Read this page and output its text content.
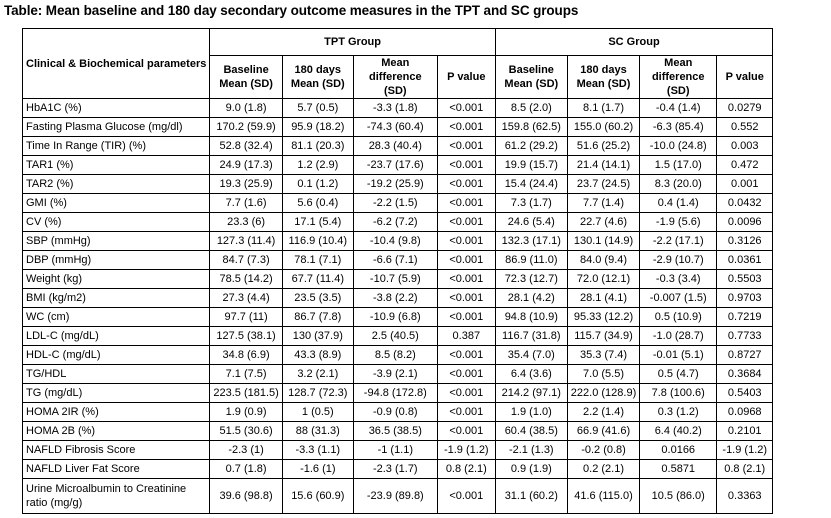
Table: Mean baseline and 180 day secondary outcome measures in the TPT and SC groups
Clinical & Biochemical parameters	TPT Group				SC Group			
	Baseline Mean (SD)	180 days Mean (SD)	Mean difference (SD)	P value	Baseline Mean (SD)	180 days Mean (SD)	Mean difference (SD)	P value
HbA1C (%)	9.0 (1.8)	5.7 (0.5)	-3.3 (1.8)	<0.001	8.5 (2.0)	8.1 (1.7)	-0.4 (1.4)	0.0279
Fasting Plasma Glucose (mg/dl)	170.2 (59.9)	95.9 (18.2)	-74.3 (60.4)	<0.001	159.8 (62.5)	155.0 (60.2)	-6.3 (85.4)	0.552
Time In Range (TIR) (%)	52.8 (32.4)	81.1 (20.3)	28.3 (40.4)	<0.001	61.2 (29.2)	51.6 (25.2)	-10.0 (24.8)	0.003
TAR1 (%)	24.9 (17.3)	1.2 (2.9)	-23.7 (17.6)	<0.001	19.9 (15.7)	21.4 (14.1)	1.5 (17.0)	0.472
TAR2 (%)	19.3 (25.9)	0.1 (1.2)	-19.2 (25.9)	<0.001	15.4 (24.4)	23.7 (24.5)	8.3 (20.0)	0.001
GMI (%)	7.7 (1.6)	5.6 (0.4)	-2.2 (1.5)	<0.001	7.3 (1.7)	7.7 (1.4)	0.4 (1.4)	0.0432
CV (%)	23.3 (6)	17.1 (5.4)	-6.2 (7.2)	<0.001	24.6 (5.4)	22.7 (4.6)	-1.9 (5.6)	0.0096
SBP (mmHg)	127.3 (11.4)	116.9 (10.4)	-10.4 (9.8)	<0.001	132.3 (17.1)	130.1 (14.9)	-2.2 (17.1)	0.3126
DBP (mmHg)	84.7 (7.3)	78.1 (7.1)	-6.6 (7.1)	<0.001	86.9 (11.0)	84.0 (9.4)	-2.9 (10.7)	0.0361
Weight (kg)	78.5 (14.2)	67.7 (11.4)	-10.7 (5.9)	<0.001	72.3 (12.7)	72.0 (12.1)	-0.3 (3.4)	0.5503
BMI (kg/m2)	27.3 (4.4)	23.5 (3.5)	-3.8 (2.2)	<0.001	28.1 (4.2)	28.1 (4.1)	-0.007 (1.5)	0.9703
WC (cm)	97.7 (11)	86.7 (7.8)	-10.9 (6.8)	<0.001	94.8 (10.9)	95.33 (12.2)	0.5 (10.9)	0.7219
LDL-C (mg/dL)	127.5 (38.1)	130 (37.9)	2.5 (40.5)	0.387	116.7 (31.8)	115.7 (34.9)	-1.0 (28.7)	0.7733
HDL-C (mg/dL)	34.8 (6.9)	43.3 (8.9)	8.5 (8.2)	<0.001	35.4 (7.0)	35.3 (7.4)	-0.01 (5.1)	0.8727
TG/HDL	7.1 (7.5)	3.2 (2.1)	-3.9 (2.1)	<0.001	6.4 (3.6)	7.0 (5.5)	0.5 (4.7)	0.3684
TG (mg/dL)	223.5 (181.5)	128.7 (72.3)	-94.8 (172.8)	<0.001	214.2 (97.1)	222.0 (128.9)	7.8 (100.6)	0.5403
HOMA 2IR (%)	1.9 (0.9)	1 (0.5)	-0.9 (0.8)	<0.001	1.9 (1.0)	2.2 (1.4)	0.3 (1.2)	0.0968
HOMA 2B (%)	51.5 (30.6)	88 (31.3)	36.5 (38.5)	<0.001	60.4 (38.5)	66.9 (41.6)	6.4 (40.2)	0.2101
NAFLD Fibrosis Score	-2.3 (1)	-3.3 (1.1)	-1 (1.1)	-1.9 (1.2)	-2.1 (1.3)	-0.2 (0.8)	0.0166	-1.9 (1.2)
NAFLD Liver Fat Score	0.7 (1.8)	-1.6 (1)	-2.3 (1.7)	0.8 (2.1)	0.9 (1.9)	0.2 (2.1)	0.5871	0.8 (2.1)
Urine Microalbumin to Creatinine ratio (mg/g)	39.6 (98.8)	15.6 (60.9)	-23.9 (89.8)	<0.001	31.1 (60.2)	41.6 (115.0)	10.5 (86.0)	0.3363
